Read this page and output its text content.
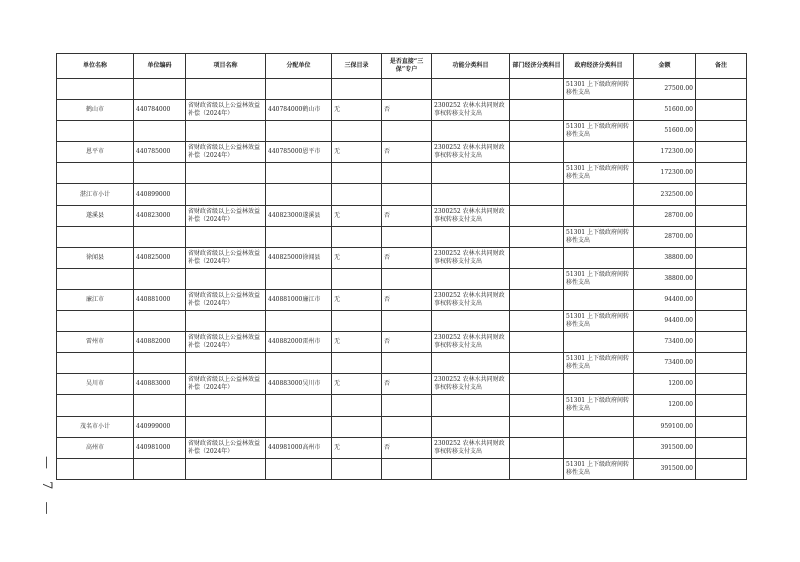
— 7 —
单位名称	单位编码	项目名称	分配单位	三保目录	是否直接“三保”专户	功能分类科目	部门经济分类科目	政府经济分类科目	金额	备注
								51301 上下级政府间转移性支出	27500.00	
鹤山市	440784000	省财政省级以上公益林效益补偿（2024年）	440784000鹤山市	无	否	2300252 农林水共同财政事权转移支付支出			51600.00	
								51301 上下级政府间转移性支出	51600.00	
恩平市	440785000	省财政省级以上公益林效益补偿（2024年）	440785000恩平市	无	否	2300252 农林水共同财政事权转移支付支出			172300.00	
								51301 上下级政府间转移性支出	172300.00	
湛江市小计	440899000								232500.00	
遂溪县	440823000	省财政省级以上公益林效益补偿（2024年）	440823000遂溪县	无	否	2300252 农林水共同财政事权转移支付支出			28700.00	
								51301 上下级政府间转移性支出	28700.00	
徐闻县	440825000	省财政省级以上公益林效益补偿（2024年）	440825000徐闻县	无	否	2300252 农林水共同财政事权转移支付支出			38800.00	
								51301 上下级政府间转移性支出	38800.00	
廉江市	440881000	省财政省级以上公益林效益补偿（2024年）	440881000廉江市	无	否	2300252 农林水共同财政事权转移支付支出			94400.00	
								51301 上下级政府间转移性支出	94400.00	
雷州市	440882000	省财政省级以上公益林效益补偿（2024年）	440882000雷州市	无	否	2300252 农林水共同财政事权转移支付支出			73400.00	
								51301 上下级政府间转移性支出	73400.00	
吴川市	440883000	省财政省级以上公益林效益补偿（2024年）	440883000吴川市	无	否	2300252 农林水共同财政事权转移支付支出			1200.00	
								51301 上下级政府间转移性支出	1200.00	
茂名市小计	440999000								959100.00	
高州市	440981000	省财政省级以上公益林效益补偿（2024年）	440981000高州市	无	否	2300252 农林水共同财政事权转移支付支出			391500.00	
								51301 上下级政府间转移性支出	391500.00	
